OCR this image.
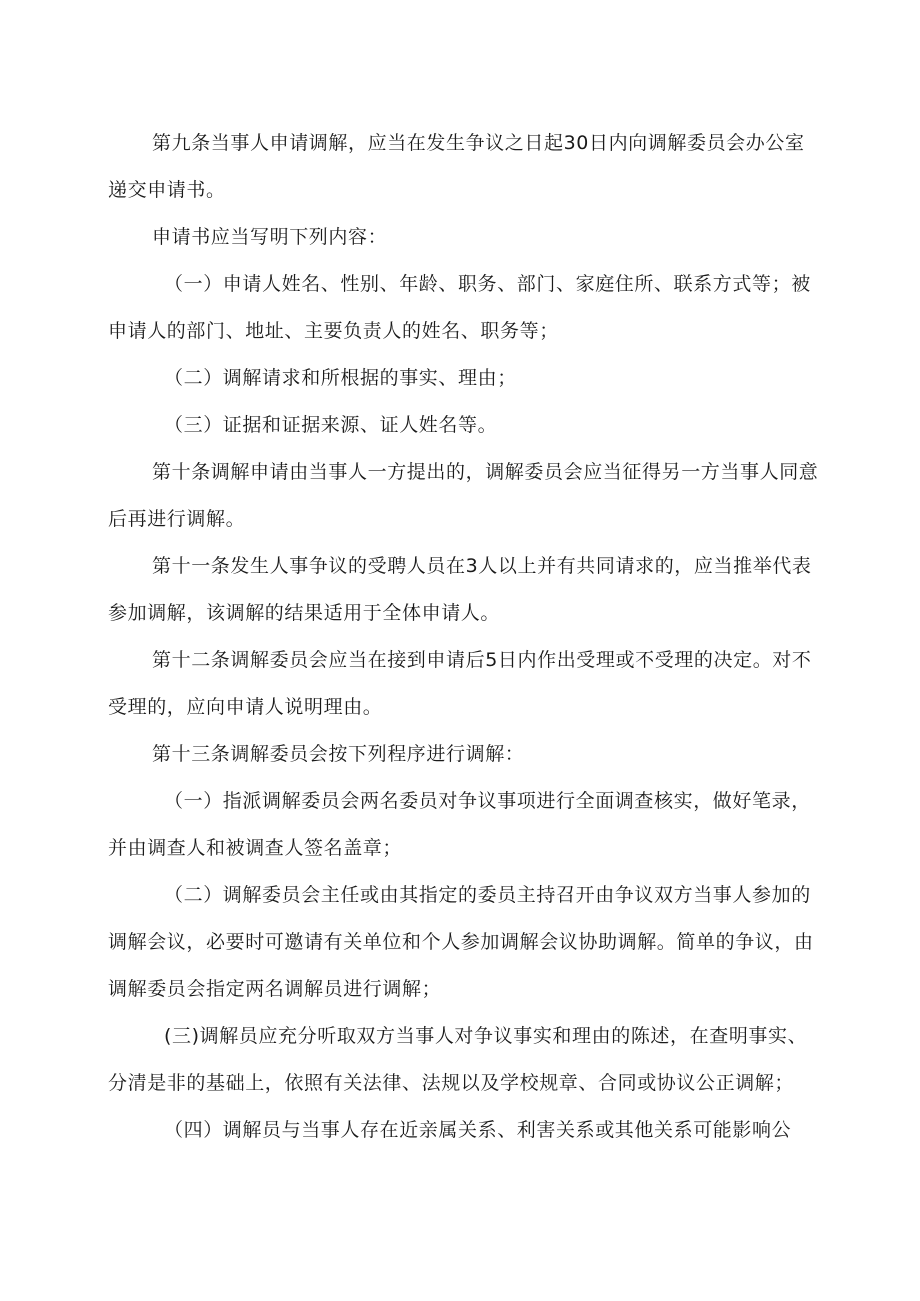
第九条当事人申请调解，应当在发生争议之日起30日内向调解委员会办公室递交申请书。

申请书应当写明下列内容：

（一）申请人姓名、性别、年龄、职务、部门、家庭住所、联系方式等；被申请人的部门、地址、主要负责人的姓名、职务等；

（二）调解请求和所根据的事实、理由；

（三）证据和证据来源、证人姓名等。

第十条调解申请由当事人一方提出的，调解委员会应当征得另一方当事人同意后再进行调解。

第十一条发生人事争议的受聘人员在3人以上并有共同请求的，应当推举代表参加调解，该调解的结果适用于全体申请人。

第十二条调解委员会应当在接到申请后5日内作出受理或不受理的决定。对不受理的，应向申请人说明理由。

第十三条调解委员会按下列程序进行调解：

（一）指派调解委员会两名委员对争议事项进行全面调查核实，做好笔录，并由调查人和被调查人签名盖章；

（二）调解委员会主任或由其指定的委员主持召开由争议双方当事人参加的调解会议，必要时可邀请有关单位和个人参加调解会议协助调解。简单的争议，由调解委员会指定两名调解员进行调解；

(三)调解员应充分听取双方当事人对争议事实和理由的陈述，在查明事实、分清是非的基础上，依照有关法律、法规以及学校规章、合同或协议公正调解；

（四）调解员与当事人存在近亲属关系、利害关系或其他关系可能影响公
